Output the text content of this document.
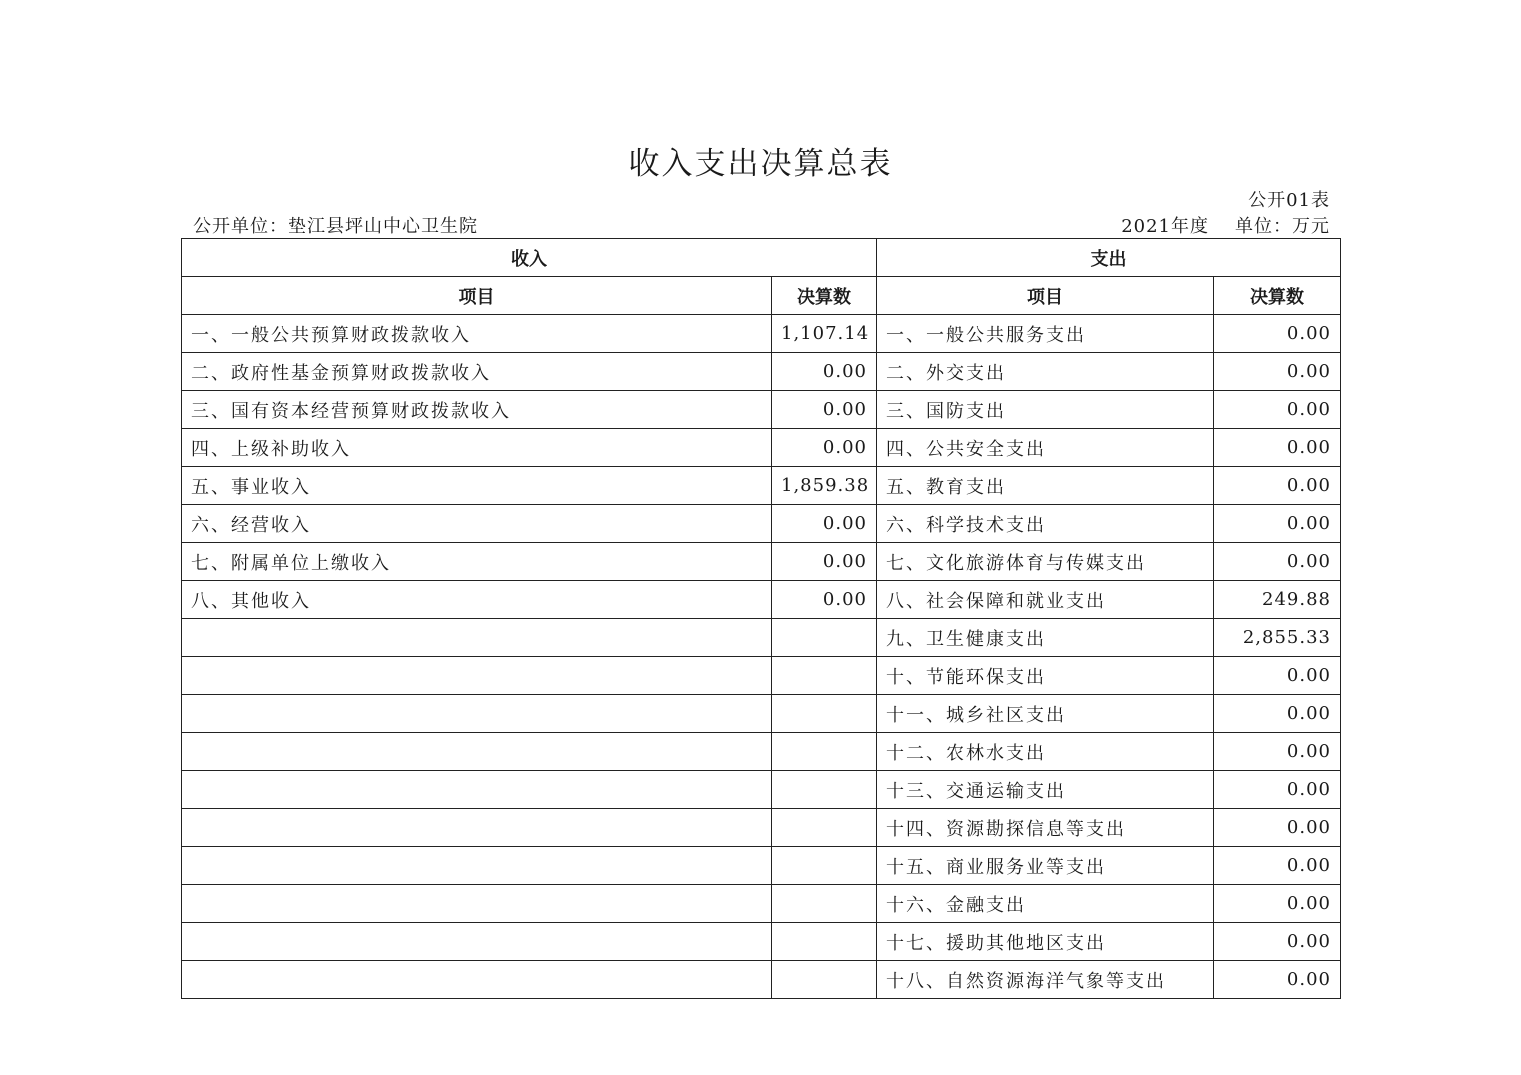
收入支出决算总表
公开01表
公开单位：垫江县坪山中心卫生院	2021年度 单位：万元
收入		支出	
项目	决算数	项目	决算数
一、一般公共预算财政拨款收入	1,107.14	一、一般公共服务支出	0.00
二、政府性基金预算财政拨款收入	0.00	二、外交支出	0.00
三、国有资本经营预算财政拨款收入	0.00	三、国防支出	0.00
四、上级补助收入	0.00	四、公共安全支出	0.00
五、事业收入	1,859.38	五、教育支出	0.00
六、经营收入	0.00	六、科学技术支出	0.00
七、附属单位上缴收入	0.00	七、文化旅游体育与传媒支出	0.00
八、其他收入	0.00	八、社会保障和就业支出	249.88
		九、卫生健康支出	2,855.33
		十、节能环保支出	0.00
		十一、城乡社区支出	0.00
		十二、农林水支出	0.00
		十三、交通运输支出	0.00
		十四、资源勘探信息等支出	0.00
		十五、商业服务业等支出	0.00
		十六、金融支出	0.00
		十七、援助其他地区支出	0.00
		十八、自然资源海洋气象等支出	0.00
